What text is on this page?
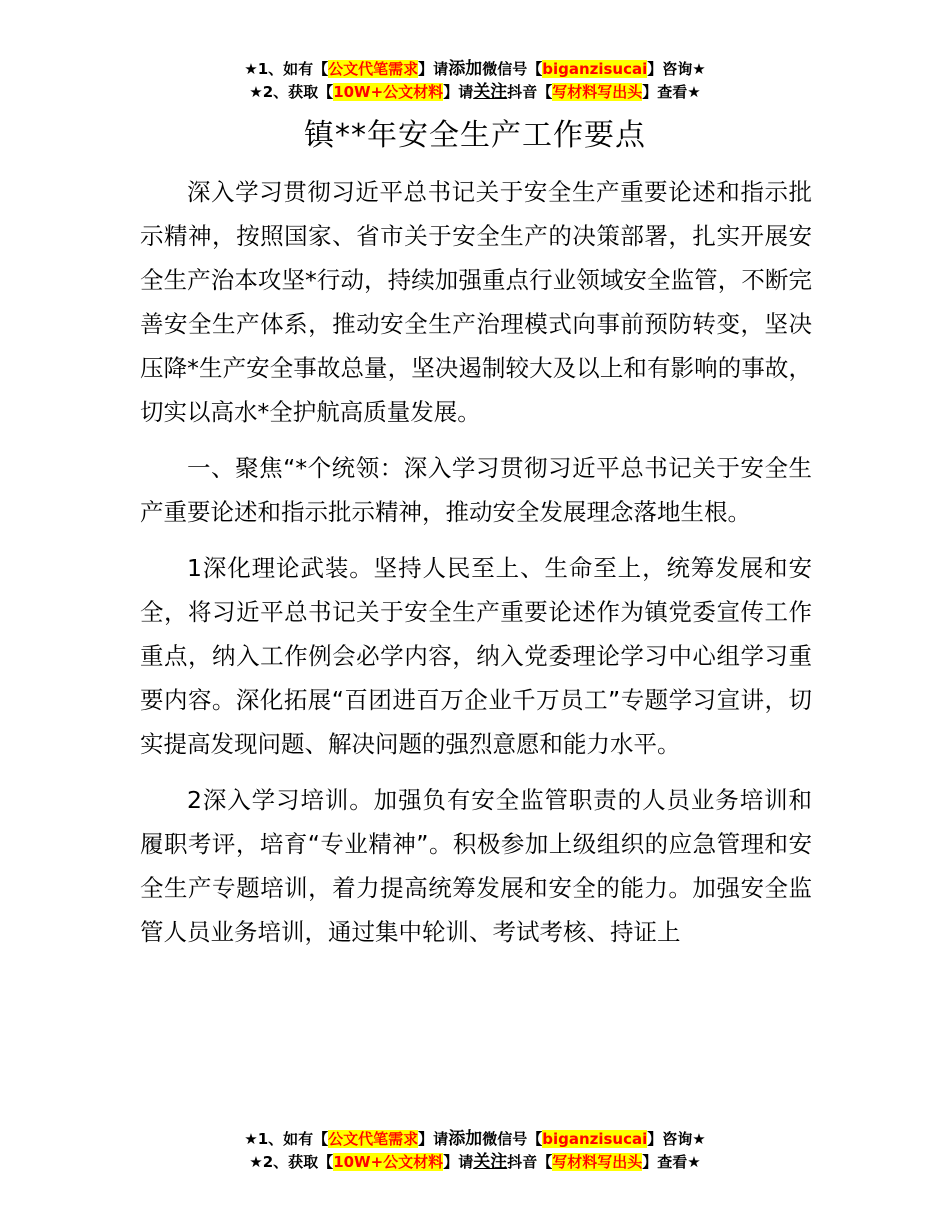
★1、如有【公文代笔需求】请添加微信号【biganzisucai】咨询★
★2、获取【10W+公文材料】请关注抖音【写材料写出头】查看★
镇**年安全生产工作要点

深入学习贯彻习近平总书记关于安全生产重要论述和指示批示精神，按照国家、省市关于安全生产的决策部署，扎实开展安全生产治本攻坚*行动，持续加强重点行业领域安全监管，不断完善安全生产体系，推动安全生产治理模式向事前预防转变，坚决压降*生产安全事故总量，坚决遏制较大及以上和有影响的事故，切实以高水*全护航高质量发展。

一、聚焦“*个统领：深入学习贯彻习近平总书记关于安全生产重要论述和指示批示精神，推动安全发展理念落地生根。

1深化理论武装。坚持人民至上、生命至上，统筹发展和安全，将习近平总书记关于安全生产重要论述作为镇党委宣传工作重点，纳入工作例会必学内容，纳入党委理论学习中心组学习重要内容。深化拓展“百团进百万企业千万员工”专题学习宣讲，切实提高发现问题、解决问题的强烈意愿和能力水平。

2深入学习培训。加强负有安全监管职责的人员业务培训和履职考评，培育“专业精神”。积极参加上级组织的应急管理和安全生产专题培训，着力提高统筹发展和安全的能力。加强安全监管人员业务培训，通过集中轮训、考试考核、持证上

★1、如有【公文代笔需求】请添加微信号【biganzisucai】咨询★
★2、获取【10W+公文材料】请关注抖音【写材料写出头】查看★
